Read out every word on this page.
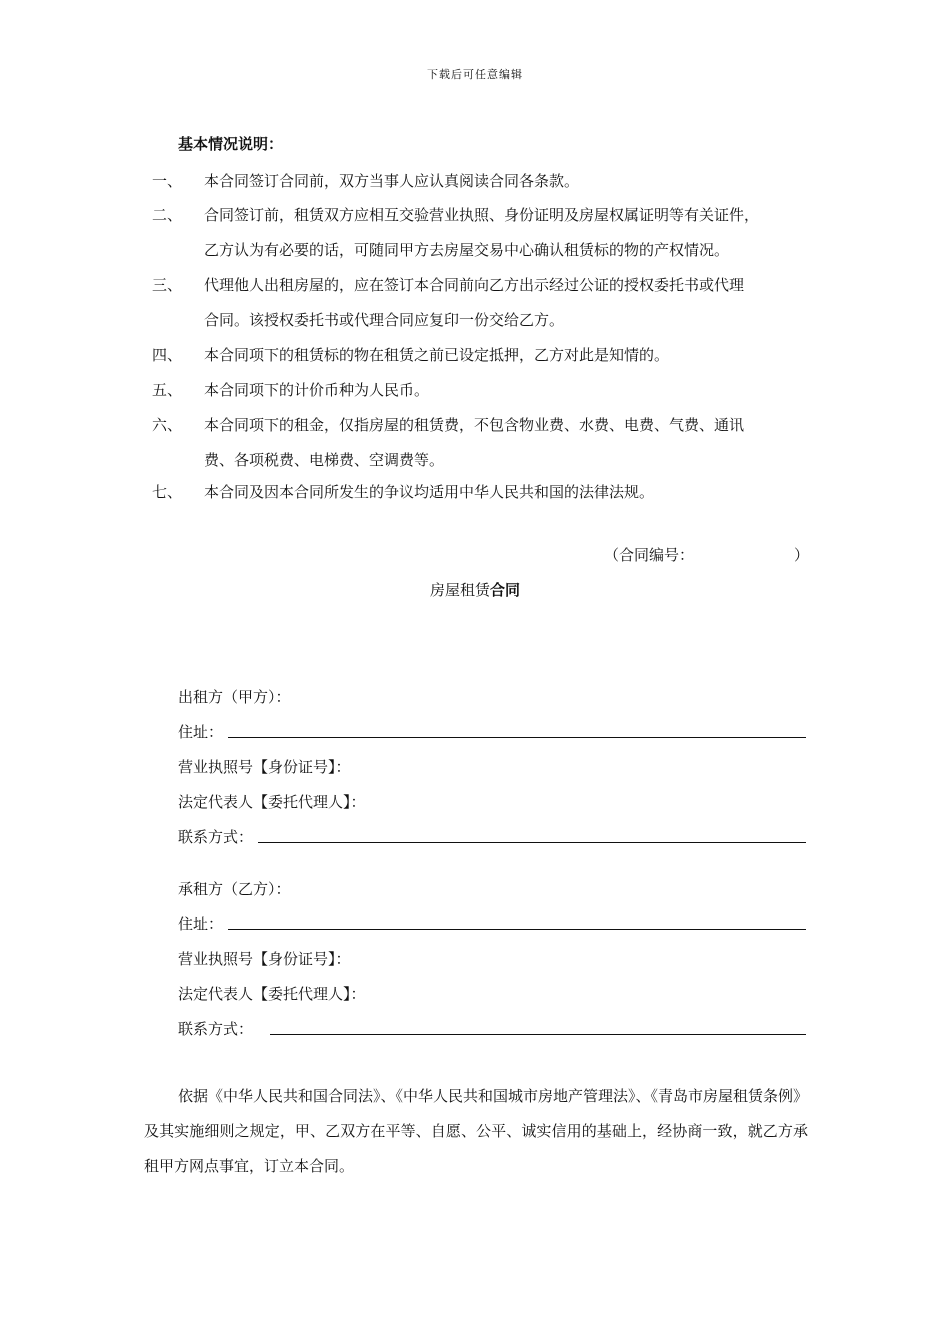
下载后可任意编辑
基本情况说明：
一、 本合同签订合同前，双方当事人应认真阅读合同各条款。
二、 合同签订前，租赁双方应相互交验营业执照、身份证明及房屋权属证明等有关证件，
乙方认为有必要的话，可随同甲方去房屋交易中心确认租赁标的物的产权情况。
三、 代理他人出租房屋的，应在签订本合同前向乙方出示经过公证的授权委托书或代理
合同。该授权委托书或代理合同应复印一份交给乙方。
四、 本合同项下的租赁标的物在租赁之前已设定抵押，乙方对此是知情的。
五、 本合同项下的计价币种为人民币。
六、 本合同项下的租金，仅指房屋的租赁费，不包含物业费、水费、电费、气费、通讯
费、各项税费、电梯费、空调费等。
七、 本合同及因本合同所发生的争议均适用中华人民共和国的法律法规。
（合同编号：	）
房屋租赁合同
出租方（甲方）：
住址：
营业执照号【身份证号】：
法定代表人【委托代理人】：
联系方式：
承租方（乙方）：
住址：
营业执照号【身份证号】：
法定代表人【委托代理人】：
联系方式：
依据《中华人民共和国合同法》、《中华人民共和国城市房地产管理法》、《青岛市房屋租赁条例》及其实施细则之规定，甲、乙双方在平等、自愿、公平、诚实信用的基础上，经协商一致，就乙方承租甲方网点事宜，订立本合同。
